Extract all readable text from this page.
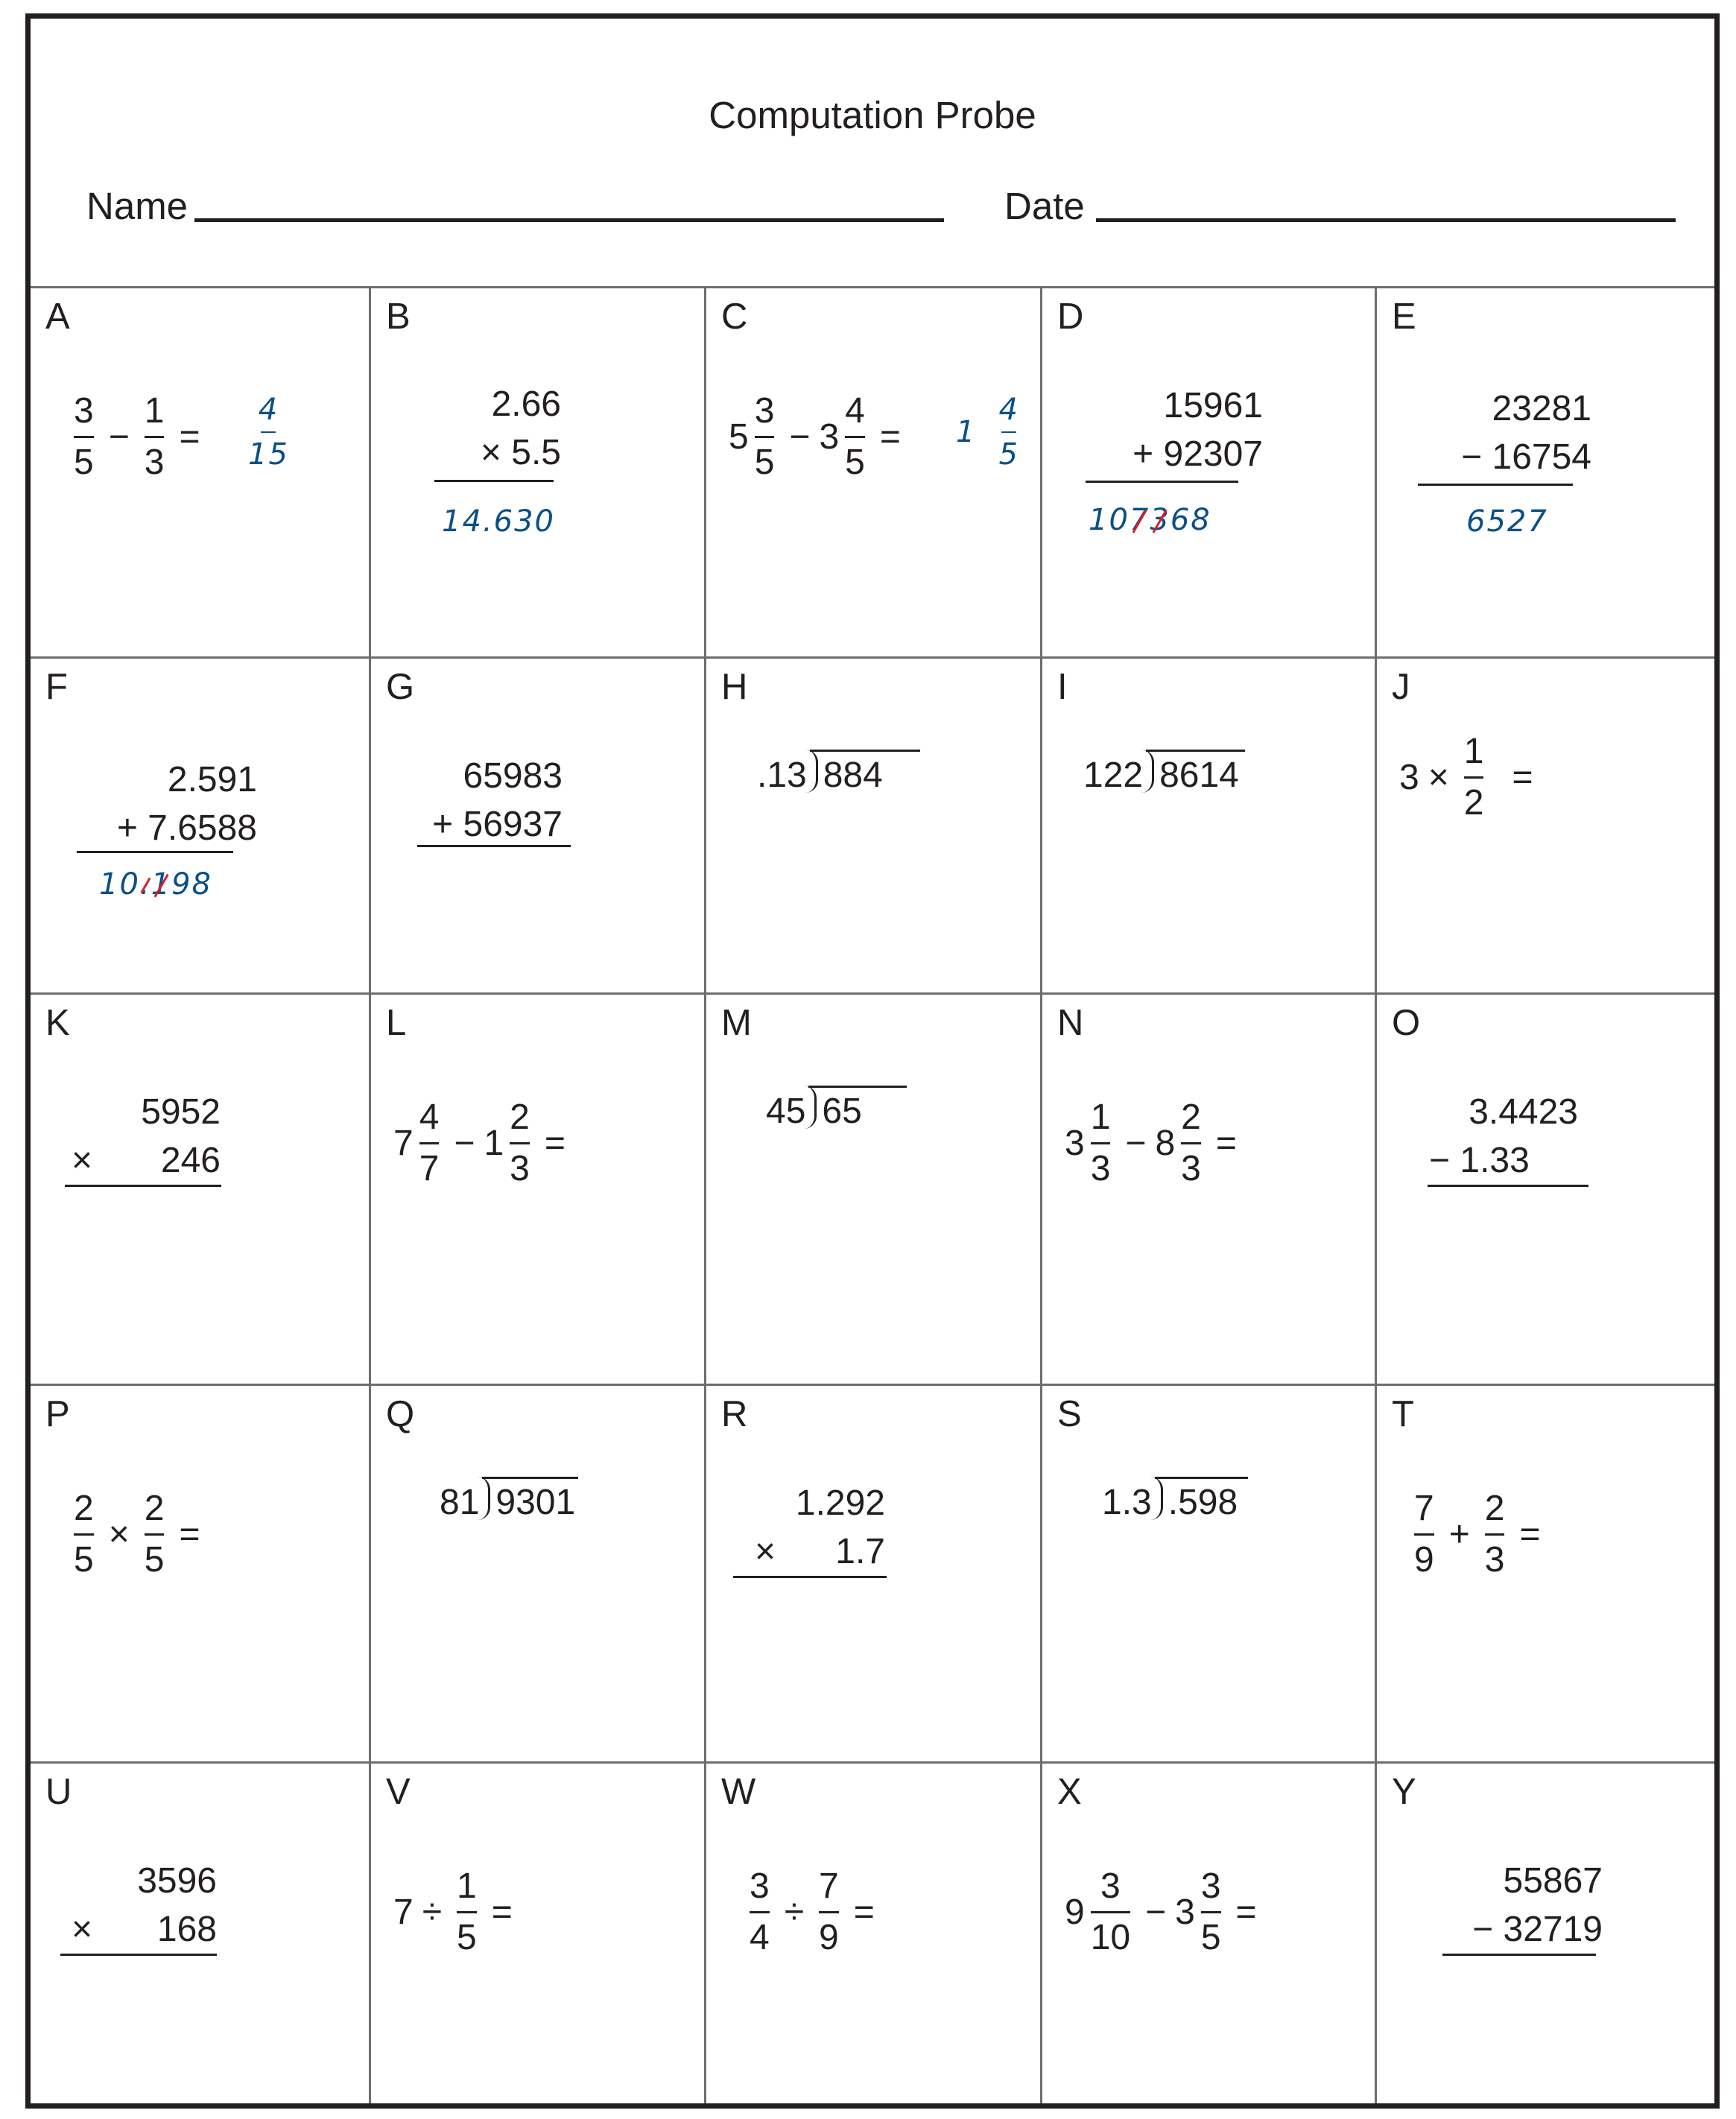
Computation Probe
Name	Date
A
$\frac{3}{5} - \frac{1}{3}$ =
4
15
B
2.66
× 5.5
14.630
C
$5 \frac{3}{5} - 3 \frac{4}{5} = 1$
4
5
D
15961
+ 92307
107368
E
23281
− 16754
6527
F
2.591
+ 7.6588
10.198
G
65983
+ 56937
H
.13 884
I
122 8614
J
$3 \times \frac{1}{2}$ =
K
5952
× 246
L
$7 \frac{4}{7} - 1 \frac{2}{3}$ =
M
45 65
N
$3 \frac{1}{3} - 8 \frac{2}{3}$ =
O
3.4423
− 1.33
P
$\frac{2}{5} \times \frac{2}{5}$ =
Q
81 9301
R
1.292
× 1.7
S
1.3 .598
T
$\frac{7}{9} + \frac{2}{3}$ =
U
3596
× 168
V
$7 \div \frac{1}{5}$ =
W
$\frac{3}{4} \div \frac{7}{9}$ =
X
$9 \frac{3}{10} - 3 \frac{3}{5}$ =
Y
55867
− 32719
